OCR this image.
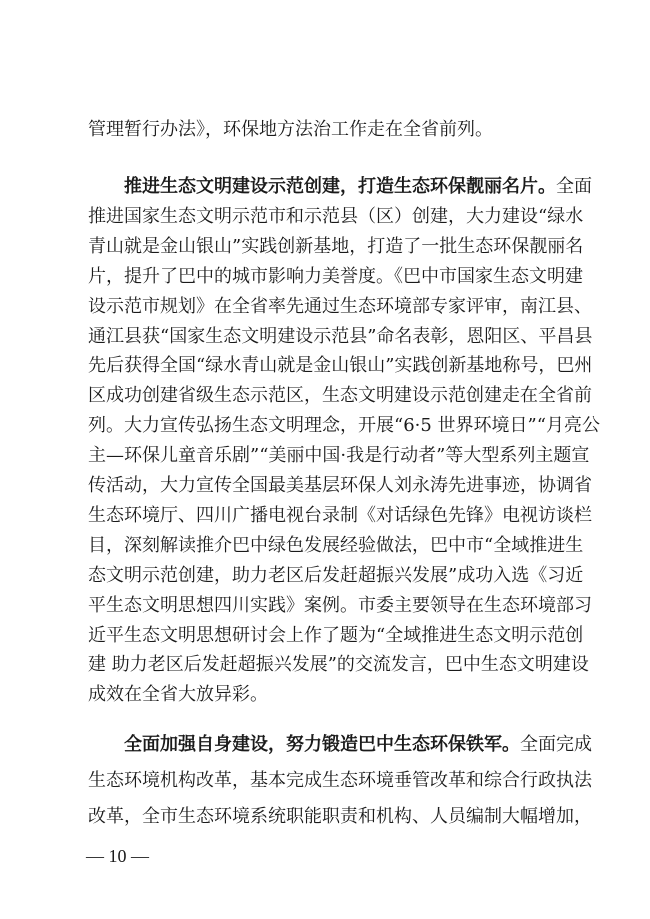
管理暂行办法》，环保地方法治工作走在全省前列。
推进生态文明建设示范创建，打造生态环保靓丽名片。全面
推进国家生态文明示范市和示范县（区）创建，大力建设“绿水
青山就是金山银山”实践创新基地，打造了一批生态环保靓丽名
片，提升了巴中的城市影响力美誉度。《巴中市国家生态文明建
设示范市规划》在全省率先通过生态环境部专家评审，南江县、
通江县获“国家生态文明建设示范县”命名表彰，恩阳区、平昌县
先后获得全国“绿水青山就是金山银山”实践创新基地称号，巴州
区成功创建省级生态示范区，生态文明建设示范创建走在全省前
列。大力宣传弘扬生态文明理念，开展“6·5 世界环境日”“月亮公
主—环保儿童音乐剧”“美丽中国·我是行动者”等大型系列主题宣
传活动，大力宣传全国最美基层环保人刘永涛先进事迹，协调省
生态环境厅、四川广播电视台录制《对话绿色先锋》电视访谈栏
目，深刻解读推介巴中绿色发展经验做法，巴中市“全域推进生
态文明示范创建，助力老区后发赶超振兴发展”成功入选《习近
平生态文明思想四川实践》案例。市委主要领导在生态环境部习
近平生态文明思想研讨会上作了题为“全域推进生态文明示范创
建 助力老区后发赶超振兴发展”的交流发言，巴中生态文明建设
成效在全省大放异彩。
— 10 —
全面加强自身建设，努力锻造巴中生态环保铁军。全面完成
生态环境机构改革，基本完成生态环境垂管改革和综合行政执法
改革，全市生态环境系统职能职责和机构、人员编制大幅增加，
